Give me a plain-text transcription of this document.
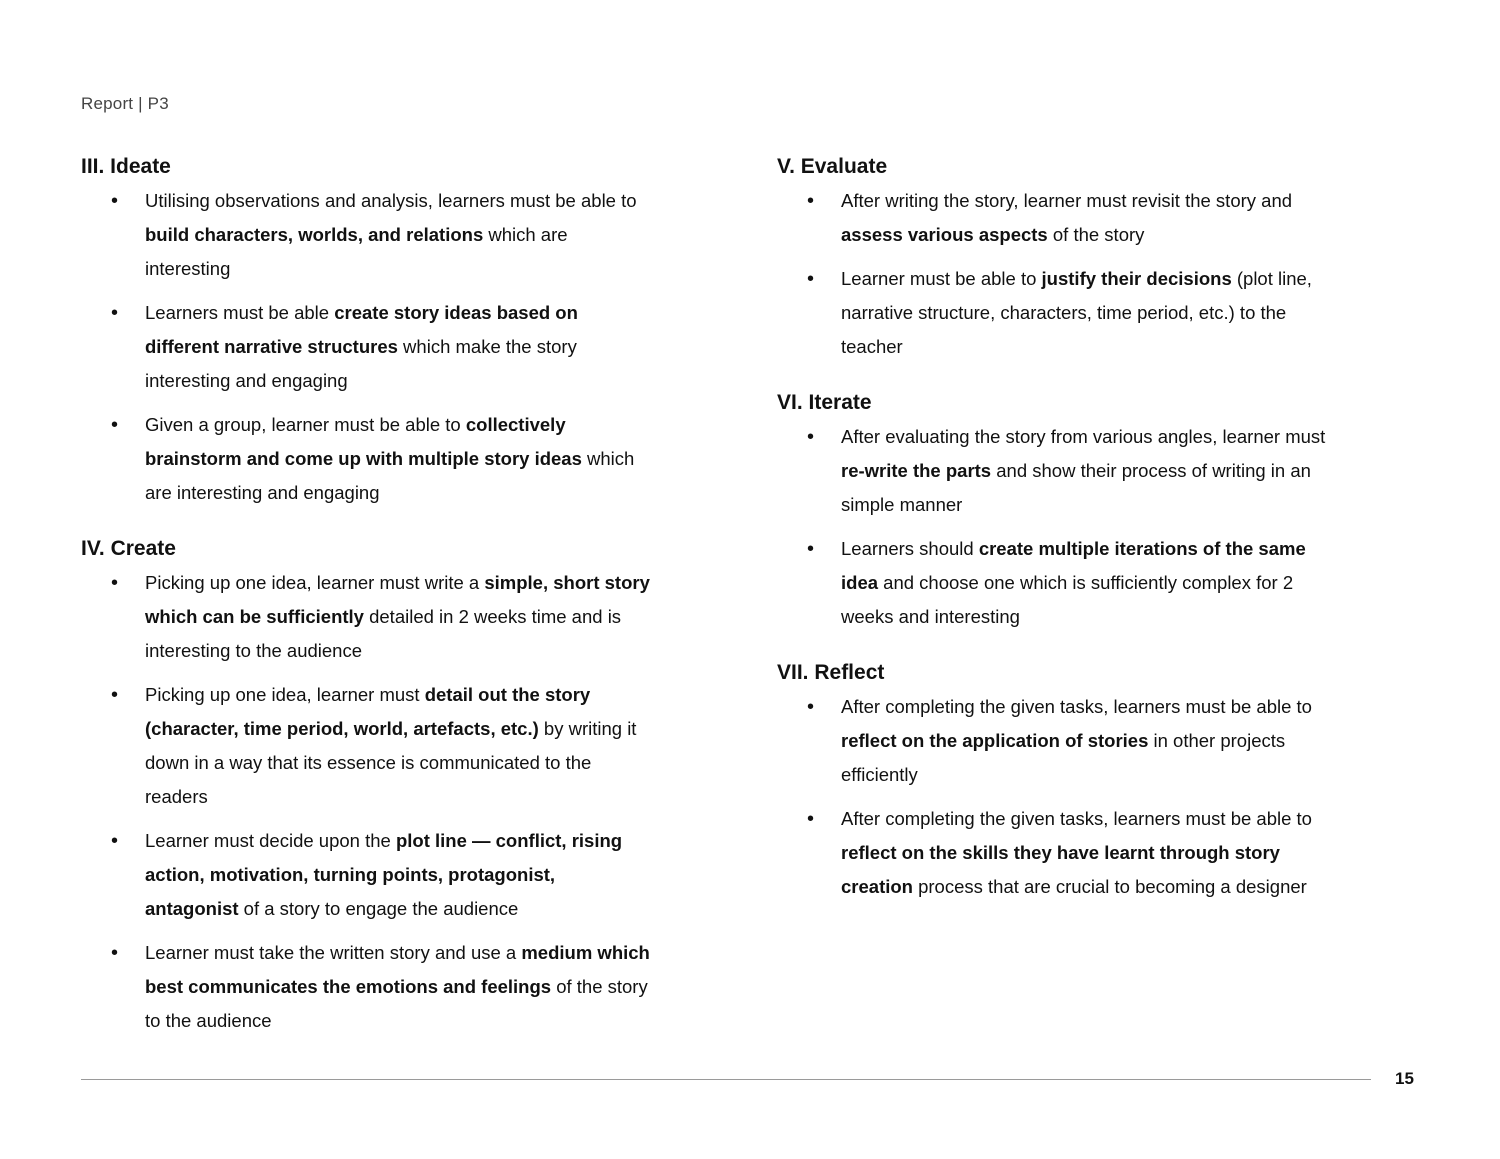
Report | P3
III. Ideate
• Utilising observations and analysis, learners must be able to build characters, worlds, and relations which are interesting
• Learners must be able create story ideas based on different narrative structures which make the story interesting and engaging
• Given a group, learner must be able to collectively brainstorm and come up with multiple story ideas which are interesting and engaging
IV. Create
• Picking up one idea, learner must write a simple, short story which can be sufficiently detailed in 2 weeks time and is interesting to the audience
• Picking up one idea, learner must detail out the story (character, time period, world, artefacts, etc.) by writing it down in a way that its essence is communicated to the readers
• Learner must decide upon the plot line — conflict, rising action, motivation, turning points, protagonist, antagonist of a story to engage the audience
• Learner must take the written story and use a medium which best communicates the emotions and feelings of the story to the audience
V. Evaluate
• After writing the story, learner must revisit the story and assess various aspects of the story
• Learner must be able to justify their decisions (plot line, narrative structure, characters, time period, etc.) to the teacher
VI. Iterate
• After evaluating the story from various angles, learner must re-write the parts and show their process of writing in an simple manner
• Learners should create multiple iterations of the same idea and choose one which is sufficiently complex for 2 weeks and interesting
VII. Reflect
• After completing the given tasks, learners must be able to reflect on the application of stories in other projects efficiently
• After completing the given tasks, learners must be able to reflect on the skills they have learnt through story creation process that are crucial to becoming a designer
15
